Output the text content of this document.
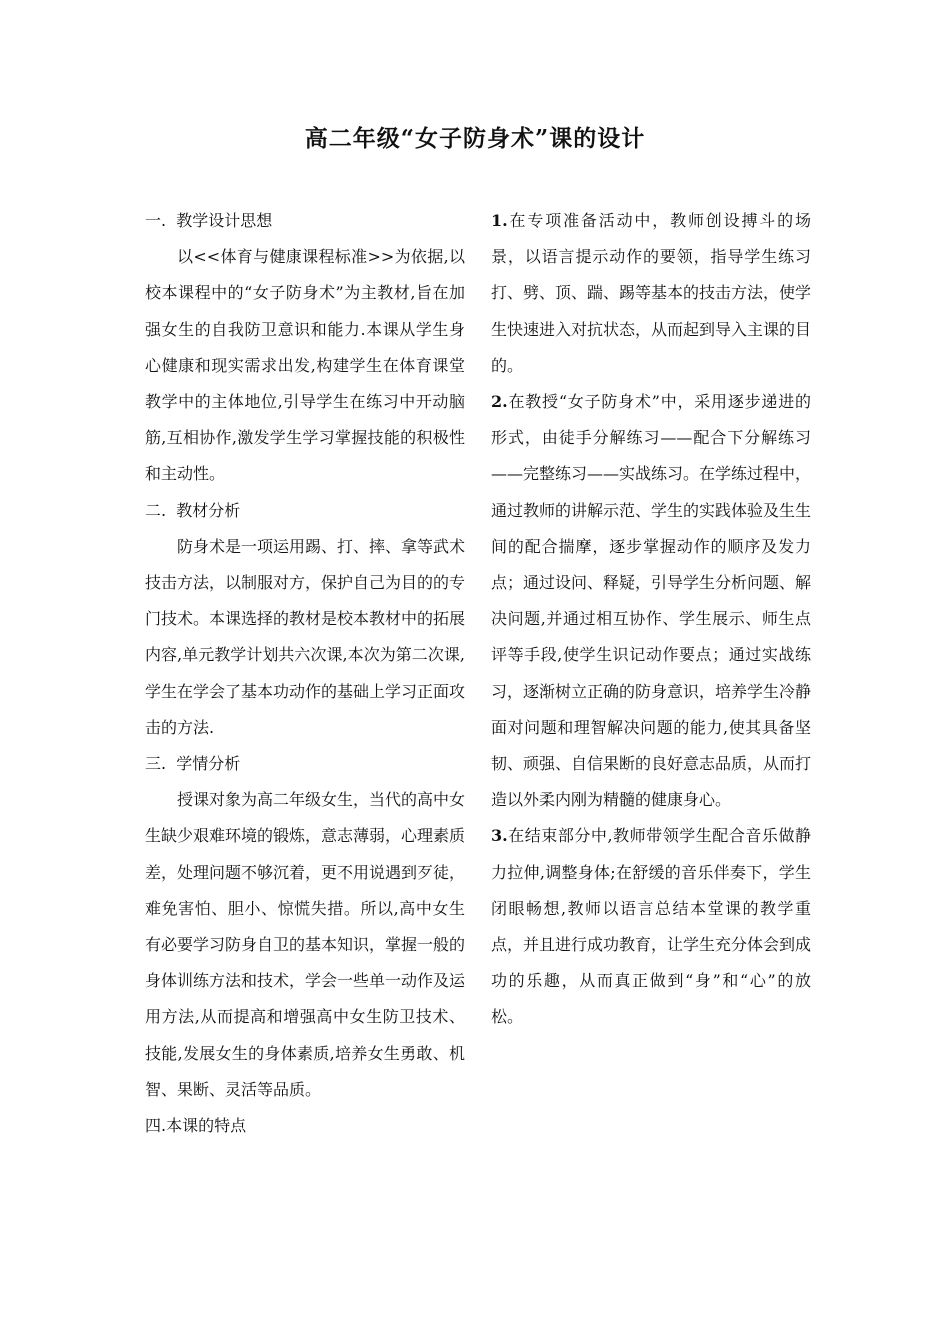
高二年级“女子防身术”课的设计

一.  教学设计思想

以<<体育与健康课程标准>>为依据,以校本课程中的“女子防身术”为主教材,旨在加强女生的自我防卫意识和能力.本课从学生身心健康和现实需求出发,构建学生在体育课堂教学中的主体地位,引导学生在练习中开动脑筋,互相协作,激发学生学习掌握技能的积极性和主动性。

二.  教材分析

防身术是一项运用踢、打、摔、拿等武术技击方法，以制服对方，保护自己为目的的专门技术。本课选择的教材是校本教材中的拓展内容,单元教学计划共六次课,本次为第二次课,学生在学会了基本功动作的基础上学习正面攻击的方法.

三.  学情分析

授课对象为高二年级女生，当代的高中女生缺少艰难环境的锻炼，意志薄弱，心理素质差，处理问题不够沉着，更不用说遇到歹徒，难免害怕、胆小、惊慌失措。所以,高中女生有必要学习防身自卫的基本知识，掌握一般的身体训练方法和技术，学会一些单一动作及运用方法,从而提高和增强高中女生防卫技术、技能,发展女生的身体素质,培养女生勇敢、机智、果断、灵活等品质。

四.本课的特点

1.在专项准备活动中，教师创设搏斗的场景，以语言提示动作的要领，指导学生练习打、劈、顶、踹、踢等基本的技击方法，使学生快速进入对抗状态，从而起到导入主课的目的。

2.在教授“女子防身术”中，采用逐步递进的形式，由徒手分解练习——配合下分解练习——完整练习——实战练习。在学练过程中，通过教师的讲解示范、学生的实践体验及生生间的配合揣摩，逐步掌握动作的顺序及发力点；通过设问、释疑，引导学生分析问题、解决问题,并通过相互协作、学生展示、师生点评等手段,使学生识记动作要点；通过实战练习，逐渐树立正确的防身意识，培养学生冷静面对问题和理智解决问题的能力,使其具备坚韧、顽强、自信果断的良好意志品质，从而打造以外柔内刚为精髓的健康身心。

3.在结束部分中,教师带领学生配合音乐做静力拉伸,调整身体;在舒缓的音乐伴奏下，学生闭眼畅想,教师以语言总结本堂课的教学重点，并且进行成功教育，让学生充分体会到成功的乐趣，从而真正做到“身”和“心”的放松。
